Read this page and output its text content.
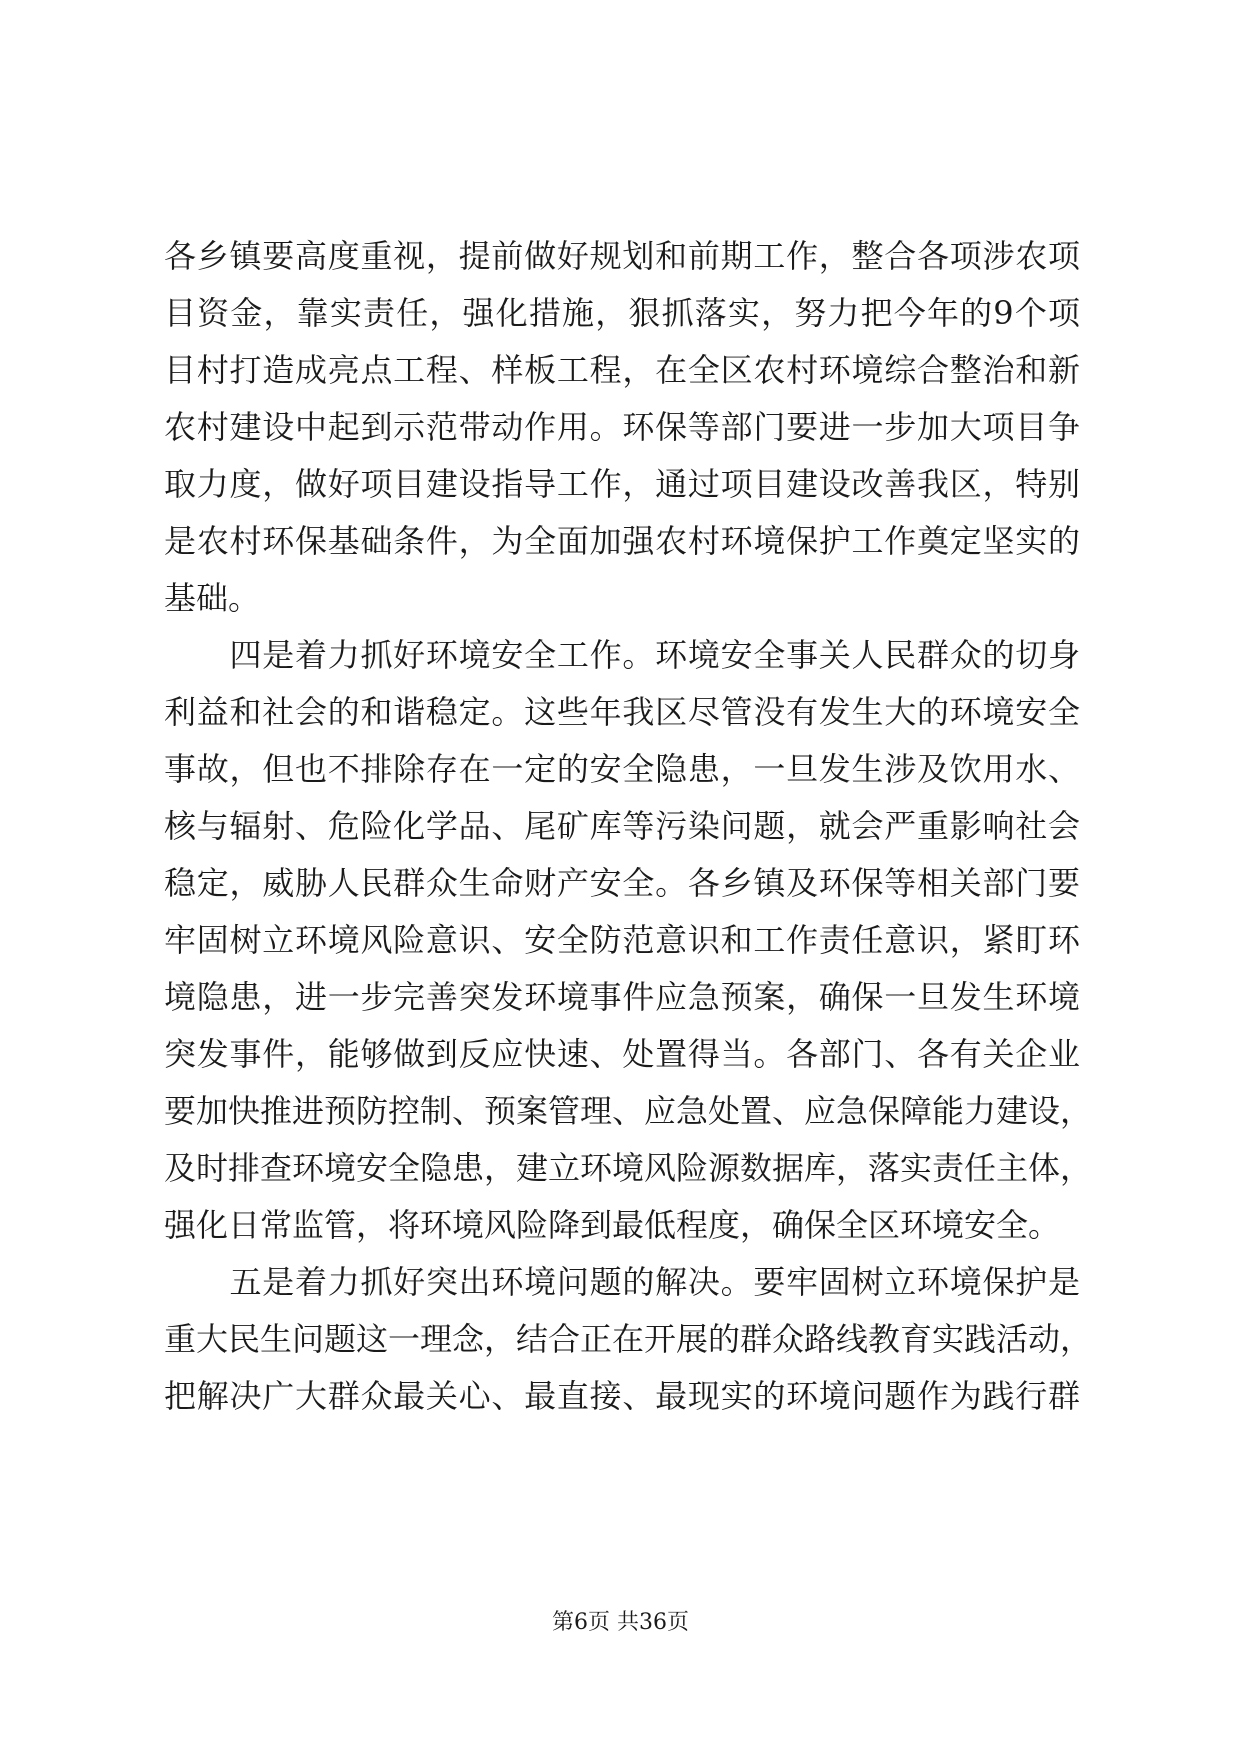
各乡镇要高度重视，提前做好规划和前期工作，整合各项涉农项
目资金，靠实责任，强化措施，狠抓落实，努力把今年的9个项
目村打造成亮点工程、样板工程，在全区农村环境综合整治和新
农村建设中起到示范带动作用。环保等部门要进一步加大项目争
取力度，做好项目建设指导工作，通过项目建设改善我区，特别
是农村环保基础条件，为全面加强农村环境保护工作奠定坚实的
基础。
　　四是着力抓好环境安全工作。环境安全事关人民群众的切身
利益和社会的和谐稳定。这些年我区尽管没有发生大的环境安全
事故，但也不排除存在一定的安全隐患，一旦发生涉及饮用水、
核与辐射、危险化学品、尾矿库等污染问题，就会严重影响社会
稳定，威胁人民群众生命财产安全。各乡镇及环保等相关部门要
牢固树立环境风险意识、安全防范意识和工作责任意识，紧盯环
境隐患，进一步完善突发环境事件应急预案，确保一旦发生环境
突发事件，能够做到反应快速、处置得当。各部门、各有关企业
要加快推进预防控制、预案管理、应急处置、应急保障能力建设，
及时排查环境安全隐患，建立环境风险源数据库，落实责任主体，
强化日常监管，将环境风险降到最低程度，确保全区环境安全。
　　五是着力抓好突出环境问题的解决。要牢固树立环境保护是
重大民生问题这一理念，结合正在开展的群众路线教育实践活动，
把解决广大群众最关心、最直接、最现实的环境问题作为践行群
第6页 共36页
